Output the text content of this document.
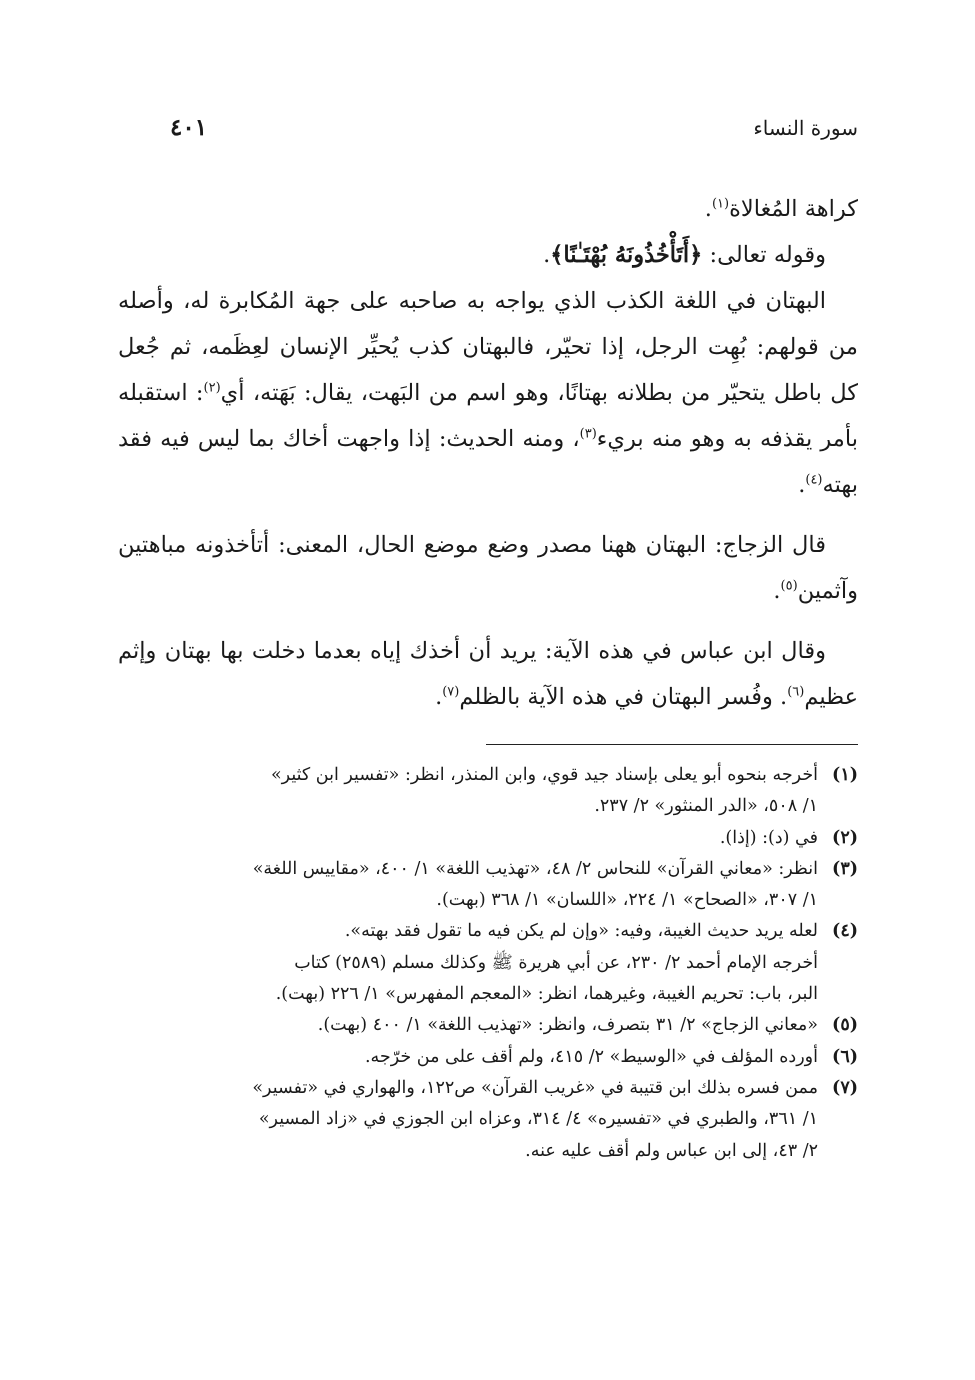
سورة النساء
٤٠١

كراهة المُغالاة$^{(١)}$.

وقوله تعالى: ﴿أَتَأْخُذُونَهُ بُهْتَـٰنًا﴾.

البهتان في اللغة الكذب الذي يواجه به صاحبه على جهة المُكابرة له، وأصله من قولهم: بُهِت الرجل، إذا تحيّر، فالبهتان كذب يُحيِّر الإنسان لعِظَمه، ثم جُعل كل باطل يتحيّر من بطلانه بهتانًا، وهو اسم من البَهت، يقال: بَهَته، أي$^{(٢)}$: استقبله بأمر يقذفه به وهو منه بريء$^{(٣)}$، ومنه الحديث: إذا واجهت أخاك بما ليس فيه فقد بهته$^{(٤)}$.

قال الزجاج: البهتان ههنا مصدر وضع موضع الحال، المعنى: أتأخذونه مباهتين وآثمين$^{(٥)}$.

وقال ابن عباس في هذه الآية: يريد أن أخذك إياه بعدما دخلت بها بهتان وإثم عظيم$^{(٦)}$. وفُسر البهتان في هذه الآية بالظلم$^{(٧)}$.

(١)
أخرجه بنحوه أبو يعلى بإسناد جيد قوي، وابن المنذر، انظر: «تفسير ابن كثير»
١/ ٥٠٨، «الدر المنثور» ٢/ ٢٣٧.
(٢)
في (د): (إذا).
(٣)
انظر: «معاني القرآن» للنحاس ٢/ ٤٨، «تهذيب اللغة» ١/ ٤٠٠، «مقاييس اللغة»
١/ ٣٠٧، «الصحاح» ١/ ٢٢٤، «اللسان» ١/ ٣٦٨ (بهت).
(٤)
لعله يريد حديث الغيبة، وفيه: «وإن لم يكن فيه ما تقول فقد بهته».
أخرجه الإمام أحمد ٢/ ٢٣٠، عن أبي هريرة ﷺ وكذلك مسلم (٢٥٨٩) كتاب
البر، باب: تحريم الغيبة، وغيرهما، انظر: «المعجم المفهرس» ١/ ٢٢٦ (بهت).
(٥)
«معاني الزجاج» ٢/ ٣١ بتصرف، وانظر: «تهذيب اللغة» ١/ ٤٠٠ (بهت).
(٦)
أورده المؤلف في «الوسيط» ٢/ ٤١٥، ولم أقف على من خرّجه.
(٧)
ممن فسره بذلك ابن قتيبة في «غريب القرآن» ص١٢٢، والهواري في «تفسير»
١/ ٣٦١، والطبري في «تفسيره» ٤/ ٣١٤، وعزاه ابن الجوزي في «زاد المسير»
٢/ ٤٣، إلى ابن عباس ولم أقف عليه عنه.
